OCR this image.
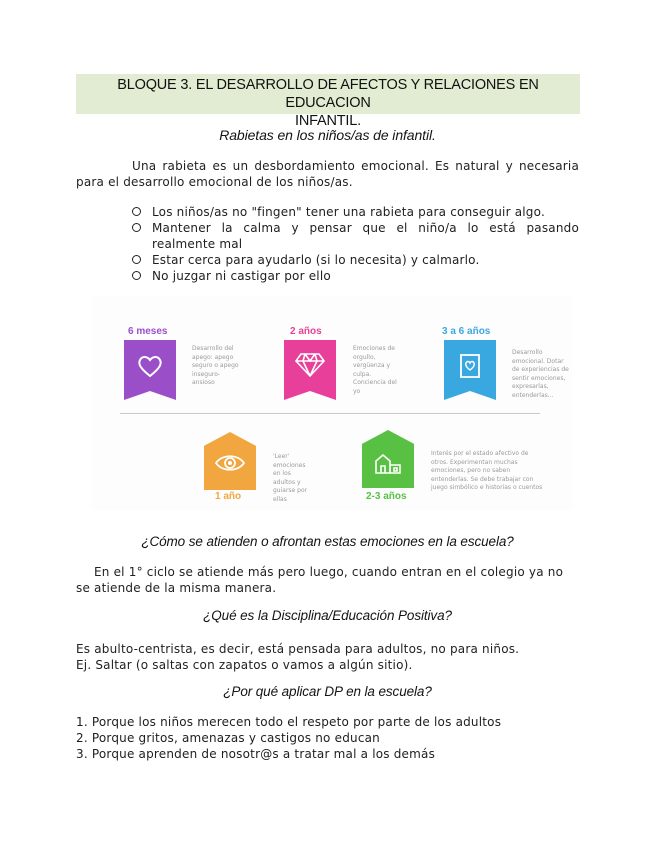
BLOQUE 3. EL DESARROLLO DE AFECTOS Y RELACIONES EN EDUCACION
INFANTIL.
Rabietas en los niños/as de infantil.
Una rabieta es un desbordamiento emocional. Es natural y necesaria para el desarrollo emocional de los niños/as.
Los niños/as no "fingen" tener una rabieta para conseguir algo.
Mantener la calma y pensar que el niño/a lo está pasando realmente mal
Estar cerca para ayudarlo (si lo necesita) y calmarlo.
No juzgar ni castigar por ello
6 meses
Desarrollo del apego: apego seguro o apego inseguro-ansioso
2 años
Emociones de orgullo, vergüenza y culpa. Conciencia del yo
3 a 6 años
Desarrollo emocional. Dotar de experiencias de sentir emociones, expresarlas, entenderlas...
1 año
'Leer' emociones en los adultos y guiarse por ellas	2-3 años
Interés por el estado afectivo de otros. Experimentan muchas emociones, pero no saben entenderlas. Se debe trabajar con juego simbólico e historias o cuentos
¿Cómo se atienden o afrontan estas emociones en la escuela?
En el 1° ciclo se atiende más pero luego, cuando entran en el colegio ya no se atiende de la misma manera.
¿Qué es la Disciplina/Educación Positiva?
Es abulto-centrista, es decir, está pensada para adultos, no para niños.
Ej. Saltar (o saltas con zapatos o vamos a algún sitio).
¿Por qué aplicar DP en la escuela?
1. Porque los niños merecen todo el respeto por parte de los adultos
2. Porque gritos, amenazas y castigos no educan
3. Porque aprenden de nosotr@s a tratar mal a los demás
